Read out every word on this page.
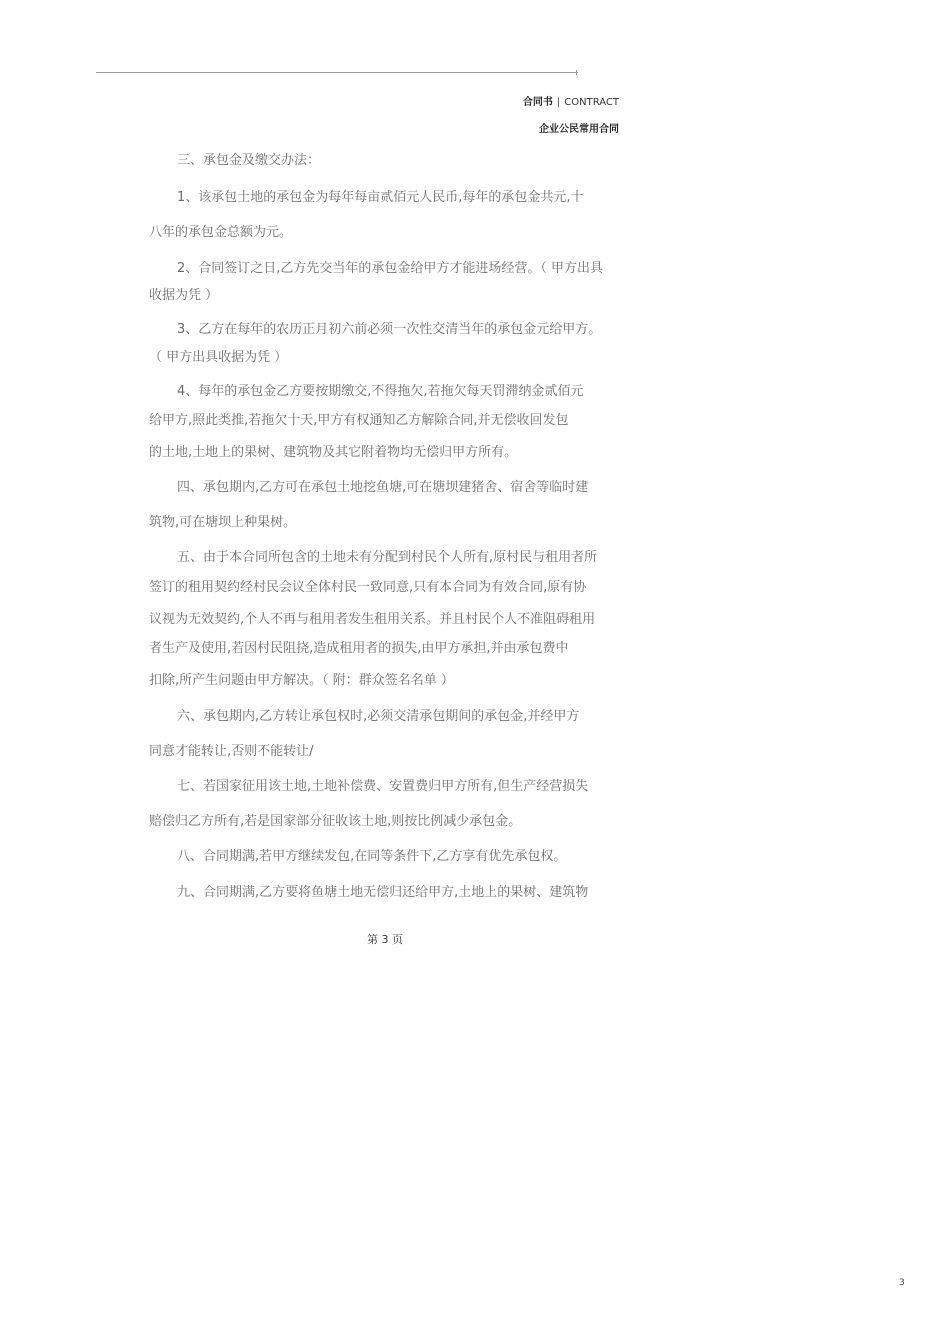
合同书 | CONTRACT
企业公民常用合同
三、承包金及缴交办法：
1、该承包土地的承包金为每年每亩贰佰元人民币,每年的承包金共元,十
八年的承包金总额为元。
2、合同签订之日,乙方先交当年的承包金给甲方才能进场经营。（ 甲方出具
收据为凭 ）
3、乙方在每年的农历正月初六前必须一次性交清当年的承包金元给甲方。
（ 甲方出具收据为凭 ）
4、每年的承包金乙方要按期缴交,不得拖欠,若拖欠每天罚滞纳金贰佰元
给甲方,照此类推,若拖欠十天,甲方有权通知乙方解除合同,并无偿收回发包
的土地,土地上的果树、建筑物及其它附着物均无偿归甲方所有。
四、承包期内,乙方可在承包土地挖鱼塘,可在塘坝建猪舍、宿舍等临时建
筑物,可在塘坝上种果树。
五、由于本合同所包含的土地未有分配到村民个人所有,原村民与租用者所
签订的租用契约经村民会议全体村民一致同意,只有本合同为有效合同,原有协
议视为无效契约,个人不再与租用者发生租用关系。并且村民个人不准阻碍租用
者生产及使用,若因村民阻挠,造成租用者的损失,由甲方承担,并由承包费中
扣除,所产生问题由甲方解决。（ 附：群众签名名单 ）
六、承包期内,乙方转让承包权时,必须交清承包期间的承包金,并经甲方
同意才能转让,否则不能转让/
七、若国家征用该土地,土地补偿费、安置费归甲方所有,但生产经营损失
赔偿归乙方所有,若是国家部分征收该土地,则按比例减少承包金。
八、合同期满,若甲方继续发包,在同等条件下,乙方享有优先承包权。
九、合同期满,乙方要将鱼塘土地无偿归还给甲方,土地上的果树、建筑物
第 3 页
3
